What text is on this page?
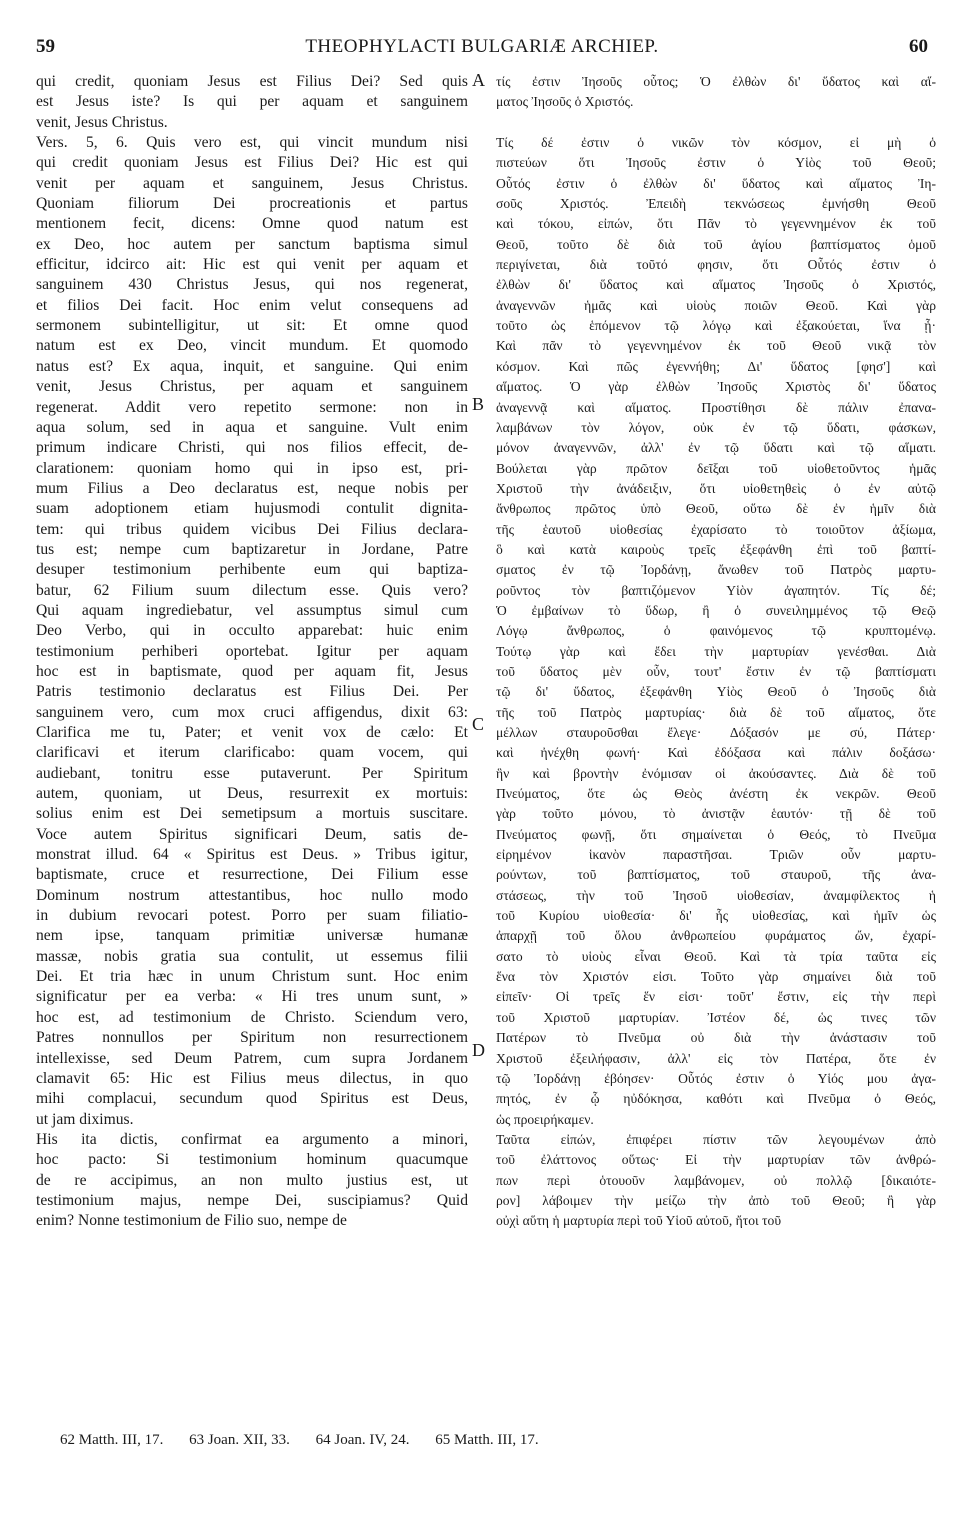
59	THEOPHYLACTI BULGARIÆ ARCHIEP.	60
qui credit, quoniam Jesus est Filius Dei? Sed quis
est Jesus iste? Is qui per aquam et sanguinem
venit, Jesus Christus.
Vers. 5, 6. Quis vero est, qui vincit mundum nisi
qui credit quoniam Jesus est Filius Dei? Hic est qui
venit per aquam et sanguinem, Jesus Christus.
Quoniam filiorum Dei procreationis et partus
mentionem fecit, dicens: Omne quod natum est
ex Deo, hoc autem per sanctum baptisma simul
efficitur, idcirco ait: Hic est qui venit per aquam et
sanguinem 430 Christus Jesus, qui nos regenerat,
et filios Dei facit. Hoc enim velut consequens ad
sermonem subintelligitur, ut sit: Et omne quod
natum est ex Deo, vincit mundum. Et quomodo
natus est? Ex aqua, inquit, et sanguine. Qui enim
venit, Jesus Christus, per aquam et sanguinem
regenerat. Addit vero repetito sermone: non in
aqua solum, sed in aqua et sanguine. Vult enim
primum indicare Christi, qui nos filios effecit, de-
clarationem: quoniam homo qui in ipso est, pri-
mum Filius a Deo declaratus est, neque nobis per
suam adoptionem etiam hujusmodi contulit dignita-
tem: qui tribus quidem vicibus Dei Filius declara-
tus est; nempe cum baptizaretur in Jordane, Patre
desuper testimonium perhibente eum qui baptiza-
batur, 62 Filium suum dilectum esse. Quis vero?
Qui aquam ingrediebatur, vel assumptus simul cum
Deo Verbo, qui in occulto apparebat: huic enim
testimonium perhiberi oportebat. Igitur per aquam
hoc est in baptismate, quod per aquam fit, Jesus
Patris testimonio declaratus est Filius Dei. Per
sanguinem vero, cum mox cruci affigendus, dixit 63:
Clarifica me tu, Pater; et venit vox de cælo: Et
clarificavi et iterum clarificabo: quam vocem, qui
audiebant, tonitru esse putaverunt. Per Spiritum
autem, quoniam, ut Deus, resurrexit ex mortuis:
solius enim est Dei semetipsum a mortuis suscitare.
Voce autem Spiritus significari Deum, satis de-
monstrat illud. 64 « Spiritus est Deus. » Tribus igitur,
baptismate, cruce et resurrectione, Dei Filium esse
Dominum nostrum attestantibus, hoc nullo modo
in dubium revocari potest. Porro per suam filiatio-
nem ipse, tanquam primitiæ universæ humanæ
massæ, nobis gratia sua contulit, ut essemus filii
Dei. Et tria hæc in unum Christum sunt. Hoc enim
significatur per ea verba: « Hi tres unum sunt, »
hoc est, ad testimonium de Christo. Sciendum vero,
Patres nonnullos per Spiritum non resurrectionem
intellexisse, sed Deum Patrem, cum supra Jordanem
clamavit 65: Hic est Filius meus dilectus, in quo
mihi complacui, secundum quod Spiritus est Deus,
ut jam diximus.
His ita dictis, confirmat ea argumento a minori,
hoc pacto: Si testimonium hominum quacumque
de re accipimus, an non multo justius est, ut
testimonium majus, nempe Dei, suscipiamus? Quid
enim? Nonne testimonium de Filio suo, nempe de
τίς ἐστιν Ἰησοῦς οὗτος; Ὁ ἐλθὼν δι' ὕδατος καὶ αἵ-
ματος Ἰησοῦς ὁ Χριστός.
Τίς δέ ἐστιν ὁ νικῶν τὸν κόσμον, εἰ μὴ ὁ
πιστεύων ὅτι Ἰησοῦς ἐστιν ὁ Υἱὸς τοῦ Θεοῦ;
Οὗτός ἐστιν ὁ ἐλθὼν δι' ὕδατος καὶ αἵματος Ἰη-
σοῦς Χριστός. Ἐπειδὴ τεκνώσεως ἐμνήσθη Θεοῦ
καὶ τόκου, εἰπών, ὅτι Πᾶν τὸ γεγεννημένον ἐκ τοῦ
Θεοῦ, τοῦτο δὲ διὰ τοῦ ἁγίου βαπτίσματος ὁμοῦ
περιγίνεται, διὰ τοῦτό φησιν, ὅτι Οὗτός ἐστιν ὁ
ἐλθὼν δι' ὕδατος καὶ αἵματος Ἰησοῦς ὁ Χριστός,
ἀναγεννῶν ἡμᾶς καὶ υἱοὺς ποιῶν Θεοῦ. Καὶ γὰρ
τοῦτο ὡς ἑπόμενον τῷ λόγῳ καὶ ἐξακούεται, ἵνα ᾖ·
Καὶ πᾶν τὸ γεγεννημένον ἐκ τοῦ Θεοῦ νικᾷ τὸν
κόσμον. Καὶ πῶς ἐγεννήθη; Δι' ὕδατος [φησ'] καὶ
αἵματος. Ὁ γὰρ ἐλθὼν Ἰησοῦς Χριστὸς δι' ὕδατος
ἀναγεννᾷ καὶ αἵματος. Προστίθησι δὲ πάλιν ἐπανα-
λαμβάνων τὸν λόγον, οὐκ ἐν τῷ ὕδατι, φάσκων,
μόνον ἀναγεννῶν, ἀλλ' ἐν τῷ ὕδατι καὶ τῷ αἵματι.
Βούλεται γὰρ πρῶτον δεῖξαι τοῦ υἱοθετοῦντος ἡμᾶς
Χριστοῦ τὴν ἀνάδειξιν, ὅτι υἱοθετηθεὶς ὁ ἐν αὐτῷ
ἄνθρωπος πρῶτος ὑπὸ Θεοῦ, οὕτω δὲ ἐν ἡμῖν διὰ
τῆς ἑαυτοῦ υἱοθεσίας ἐχαρίσατο τὸ τοιοῦτον ἀξίωμα,
ὃ καὶ κατὰ καιροὺς τρεῖς ἐξεφάνθη ἐπὶ τοῦ βαπτί-
σματος ἐν τῷ Ἰορδάνῃ, ἄνωθεν τοῦ Πατρὸς μαρτυ-
ροῦντος τὸν βαπτιζόμενον Υἱὸν ἀγαπητόν. Τίς δέ;
Ὁ ἐμβαίνων τὸ ὕδωρ, ἢ ὁ συνειλημμένος τῷ Θεῷ
Λόγῳ ἄνθρωπος, ὁ φαινόμενος τῷ κρυπτομένῳ.
Τούτῳ γὰρ καὶ ἔδει τὴν μαρτυρίαν γενέσθαι. Διὰ
τοῦ ὕδατος μὲν οὖν, τουτ' ἔστιν ἐν τῷ βαπτίσματι
τῷ δι' ὕδατος, ἐξεφάνθη Υἱὸς Θεοῦ ὁ Ἰησοῦς διὰ
τῆς τοῦ Πατρὸς μαρτυρίας· διὰ δὲ τοῦ αἵματος, ὅτε
μέλλων σταυροῦσθαι ἔλεγε· Δόξασόν με σύ, Πάτερ·
καὶ ἠνέχθη φωνή· Καὶ ἐδόξασα καὶ πάλιν δοξάσω·
ἣν καὶ βροντὴν ἐνόμισαν οἱ ἀκούσαντες. Διὰ δὲ τοῦ
Πνεύματος, ὅτε ὡς Θεὸς ἀνέστη ἐκ νεκρῶν. Θεοῦ
γὰρ τοῦτο μόνου, τὸ ἀνιστᾷν ἑαυτόν· τῇ δὲ τοῦ
Πνεύματος φωνῇ, ὅτι σημαίνεται ὁ Θεός, τὸ Πνεῦμα
εἰρημένον ἱκανὸν παραστῆσαι. Τριῶν οὖν μαρτυ-
ρούντων, τοῦ βαπτίσματος, τοῦ σταυροῦ, τῆς ἀνα-
στάσεως, τὴν τοῦ Ἰησοῦ υἱοθεσίαν, ἀναμφίλεκτος ἡ
τοῦ Κυρίου υἱοθεσία· δι' ἧς υἱοθεσίας, καὶ ἡμῖν ὡς
ἀπαρχῇ τοῦ ὅλου ἀνθρωπείου φυράματος ὤν, ἐχαρί-
σατο τὸ υἱοὺς εἶναι Θεοῦ. Καὶ τὰ τρία ταῦτα εἰς
ἕνα τὸν Χριστόν εἰσι. Τοῦτο γὰρ σημαίνει διὰ τοῦ
εἰπεῖν· Οἱ τρεῖς ἕν εἰσι· τοῦτ' ἔστιν, εἰς τὴν περὶ
τοῦ Χριστοῦ μαρτυρίαν. Ἰστέον δέ, ὡς τινες τῶν
Πατέρων τὸ Πνεῦμα οὐ διὰ τὴν ἀνάστασιν τοῦ
Χριστοῦ ἐξειλήφασιν, ἀλλ' εἰς τὸν Πατέρα, ὅτε ἐν
τῷ Ἰορδάνῃ ἐβόησεν· Οὗτός ἐστιν ὁ Υἱός μου ἀγα-
πητός, ἐν ᾧ ηὐδόκησα, καθότι καὶ Πνεῦμα ὁ Θεός,
ὡς προειρήκαμεν.
Ταῦτα εἰπών, ἐπιφέρει πίστιν τῶν λεγουμένων ἀπὸ
τοῦ ἐλάττονος οὕτως· Εἰ τὴν μαρτυρίαν τῶν ἀνθρώ-
πων περὶ ὁτουοῦν λαμβάνομεν, οὐ πολλῷ [δικαιότε-
ρον] λάβοιμεν τὴν μείζω τὴν ἀπὸ τοῦ Θεοῦ; ἢ γὰρ
οὐχὶ αὕτη ἡ μαρτυρία περὶ τοῦ Υἱοῦ αὐτοῦ, ἤτοι τοῦ
A
B
C
D
62 Matth. III, 17. 63 Joan. XII, 33. 64 Joan. IV, 24. 65 Matth. III, 17.
